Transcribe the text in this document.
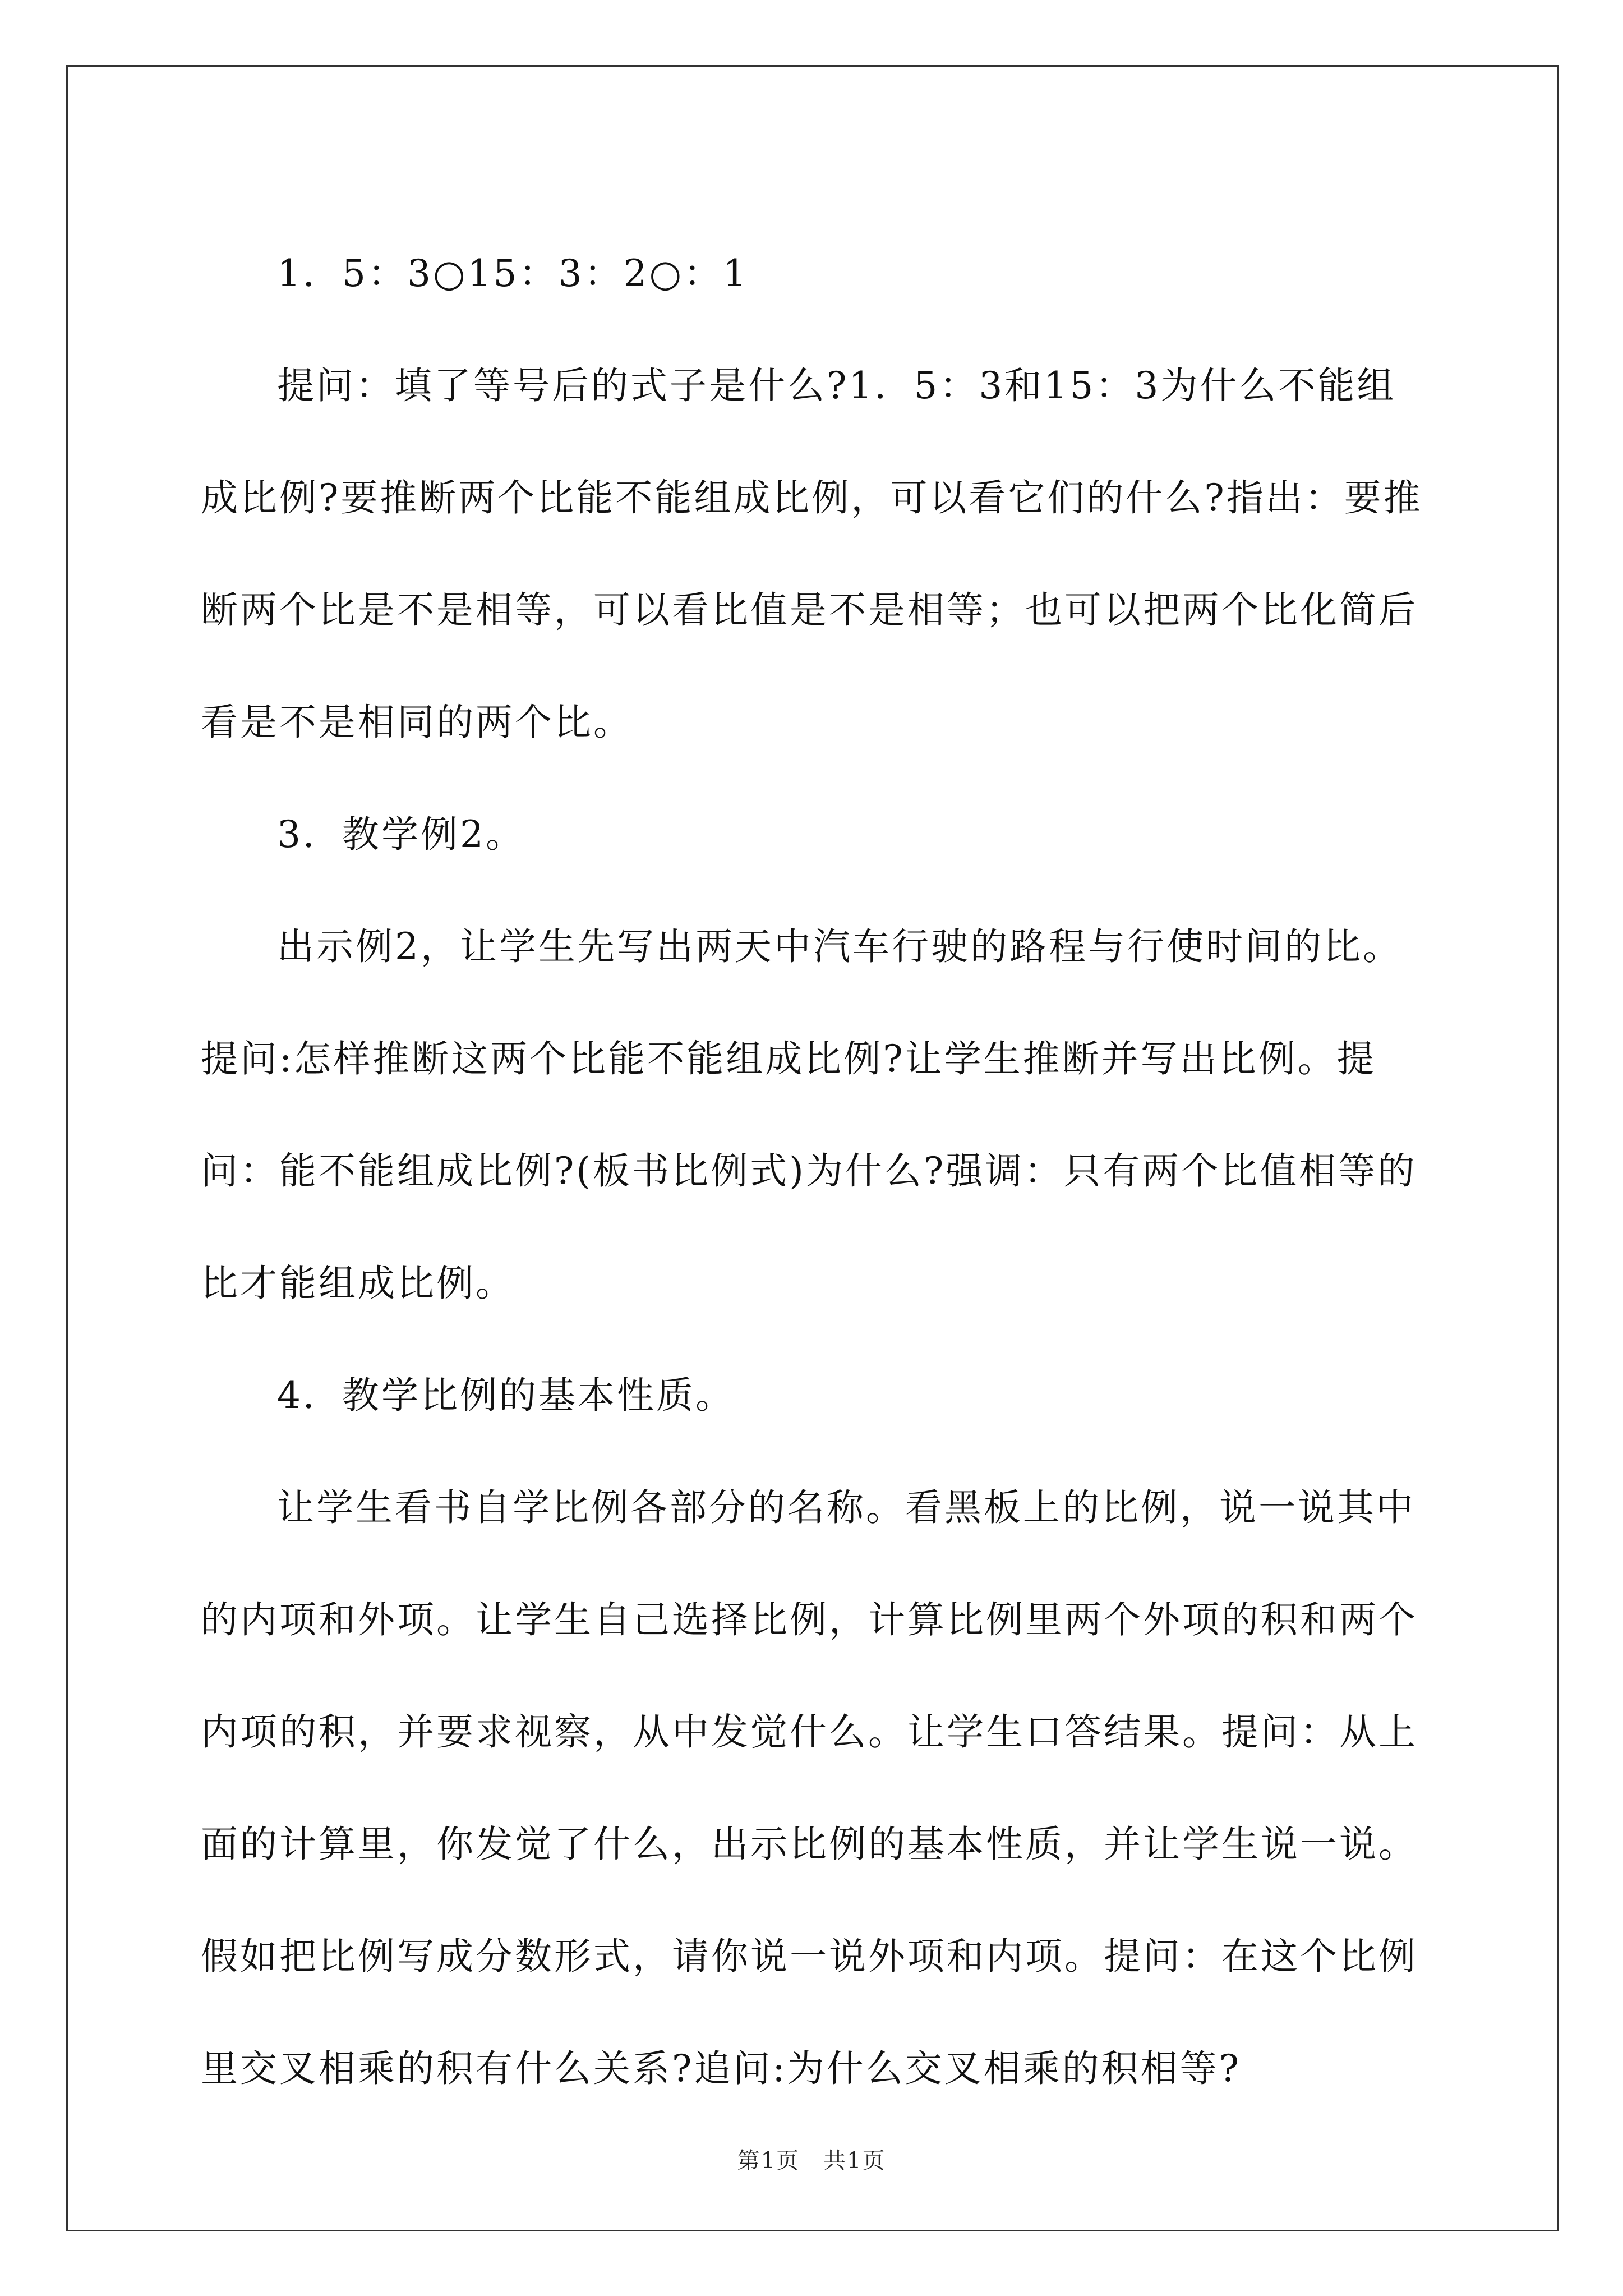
1．5：3○15：3：2○：1

提问：填了等号后的式子是什么?1．5：3和15：3为什么不能组成比例?要推断两个比能不能组成比例，可以看它们的什么?指出：要推断两个比是不是相等，可以看比值是不是相等；也可以把两个比化简后看是不是相同的两个比。

3．教学例2。

出示例2，让学生先写出两天中汽车行驶的路程与行使时间的比。提问:怎样推断这两个比能不能组成比例?让学生推断并写出比例。提问：能不能组成比例?(板书比例式)为什么?强调：只有两个比值相等的比才能组成比例。

4．教学比例的基本性质。

让学生看书自学比例各部分的名称。看黑板上的比例，说一说其中的内项和外项。让学生自己选择比例，计算比例里两个外项的积和两个内项的积，并要求视察，从中发觉什么。让学生口答结果。提问：从上面的计算里，你发觉了什么，出示比例的基本性质，并让学生说一说。假如把比例写成分数形式，请你说一说外项和内项。提问：在这个比例里交叉相乘的积有什么关系?追问:为什么交叉相乘的积相等?

第1页　共1页
